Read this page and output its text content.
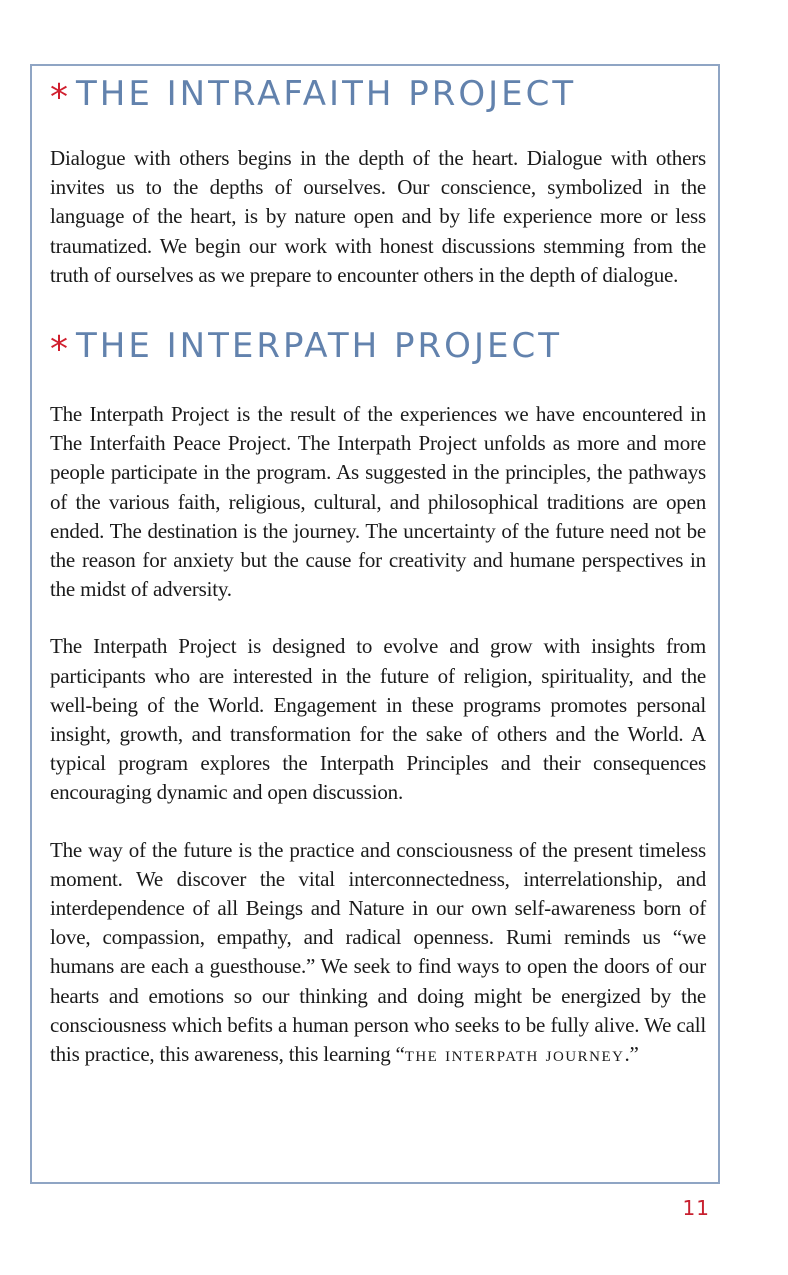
* THE INTRAFAITH PROJECT

Dialogue with others begins in the depth of the heart. Dialogue with others invites us to the depths of ourselves. Our conscience, symbolized in the language of the heart, is by nature open and by life experience more or less traumatized. We begin our work with honest discussions stemming from the truth of ourselves as we prepare to encounter others in the depth of dialogue.

* THE INTERPATH PROJECT

The Interpath Project is the result of the experiences we have encountered in The Interfaith Peace Project. The Interpath Project unfolds as more and more people participate in the program. As suggested in the principles, the pathways of the various faith, religious, cultural, and philosophical traditions are open ended. The destination is the journey. The uncertainty of the future need not be the reason for anxiety but the cause for creativity and humane perspectives in the midst of adversity.

The Interpath Project is designed to evolve and grow with insights from participants who are interested in the future of religion, spirituality, and the well-being of the World. Engagement in these programs promotes personal insight, growth, and transformation for the sake of others and the World. A typical program explores the Interpath Principles and their consequences encouraging dynamic and open discussion.

The way of the future is the practice and consciousness of the present timeless moment. We discover the vital interconnectedness, interrelationship, and interdependence of all Beings and Nature in our own self-awareness born of love, compassion, empathy, and radical openness. Rumi reminds us “we humans are each a guesthouse.” We seek to find ways to open the doors of our hearts and emotions so our thinking and doing might be energized by the consciousness which befits a human person who seeks to be fully alive. We call this practice, this awareness, this learning “the interpath journey.”

11
